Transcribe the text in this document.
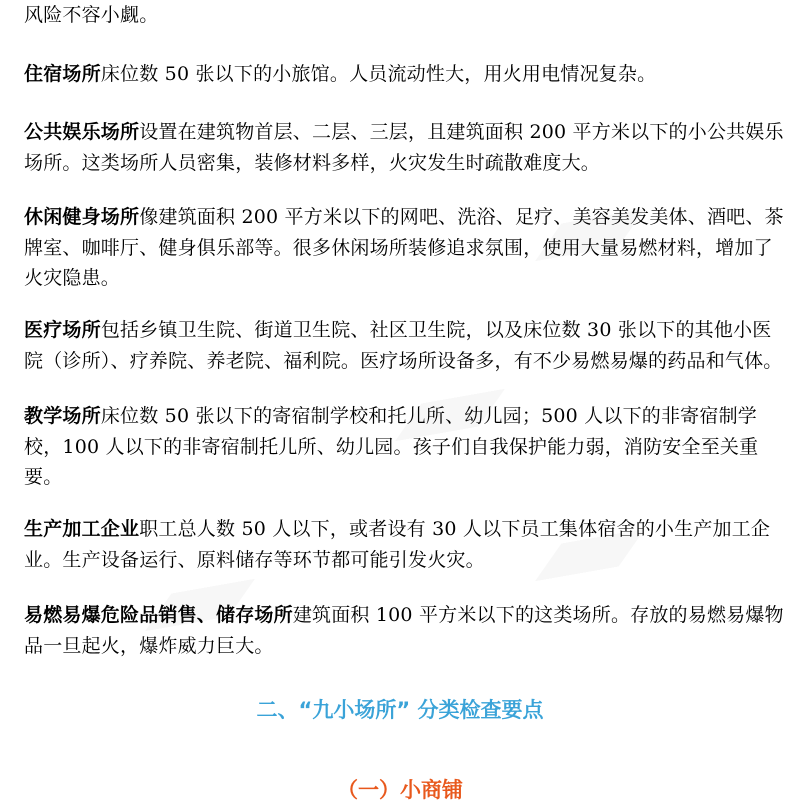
风险不容小觑。

住宿场所床位数 50 张以下的小旅馆。人员流动性大，用火用电情况复杂。

公共娱乐场所设置在建筑物首层、二层、三层，且建筑面积 200 平方米以下的小公共娱乐场所。这类场所人员密集，装修材料多样，火灾发生时疏散难度大。

休闲健身场所像建筑面积 200 平方米以下的网吧、洗浴、足疗、美容美发美体、酒吧、茶牌室、咖啡厅、健身俱乐部等。很多休闲场所装修追求氛围，使用大量易燃材料，增加了火灾隐患。

医疗场所包括乡镇卫生院、街道卫生院、社区卫生院，以及床位数 30 张以下的其他小医院（诊所）、疗养院、养老院、福利院。医疗场所设备多，有不少易燃易爆的药品和气体。

教学场所床位数 50 张以下的寄宿制学校和托儿所、幼儿园；500 人以下的非寄宿制学校，100 人以下的非寄宿制托儿所、幼儿园。孩子们自我保护能力弱，消防安全至关重要。

生产加工企业职工总人数 50 人以下，或者设有 30 人以下员工集体宿舍的小生产加工企业。生产设备运行、原料储存等环节都可能引发火灾。

易燃易爆危险品销售、储存场所建筑面积 100 平方米以下的这类场所。存放的易燃易爆物品一旦起火，爆炸威力巨大。

二、“九小场所” 分类检查要点
（一）小商铺
